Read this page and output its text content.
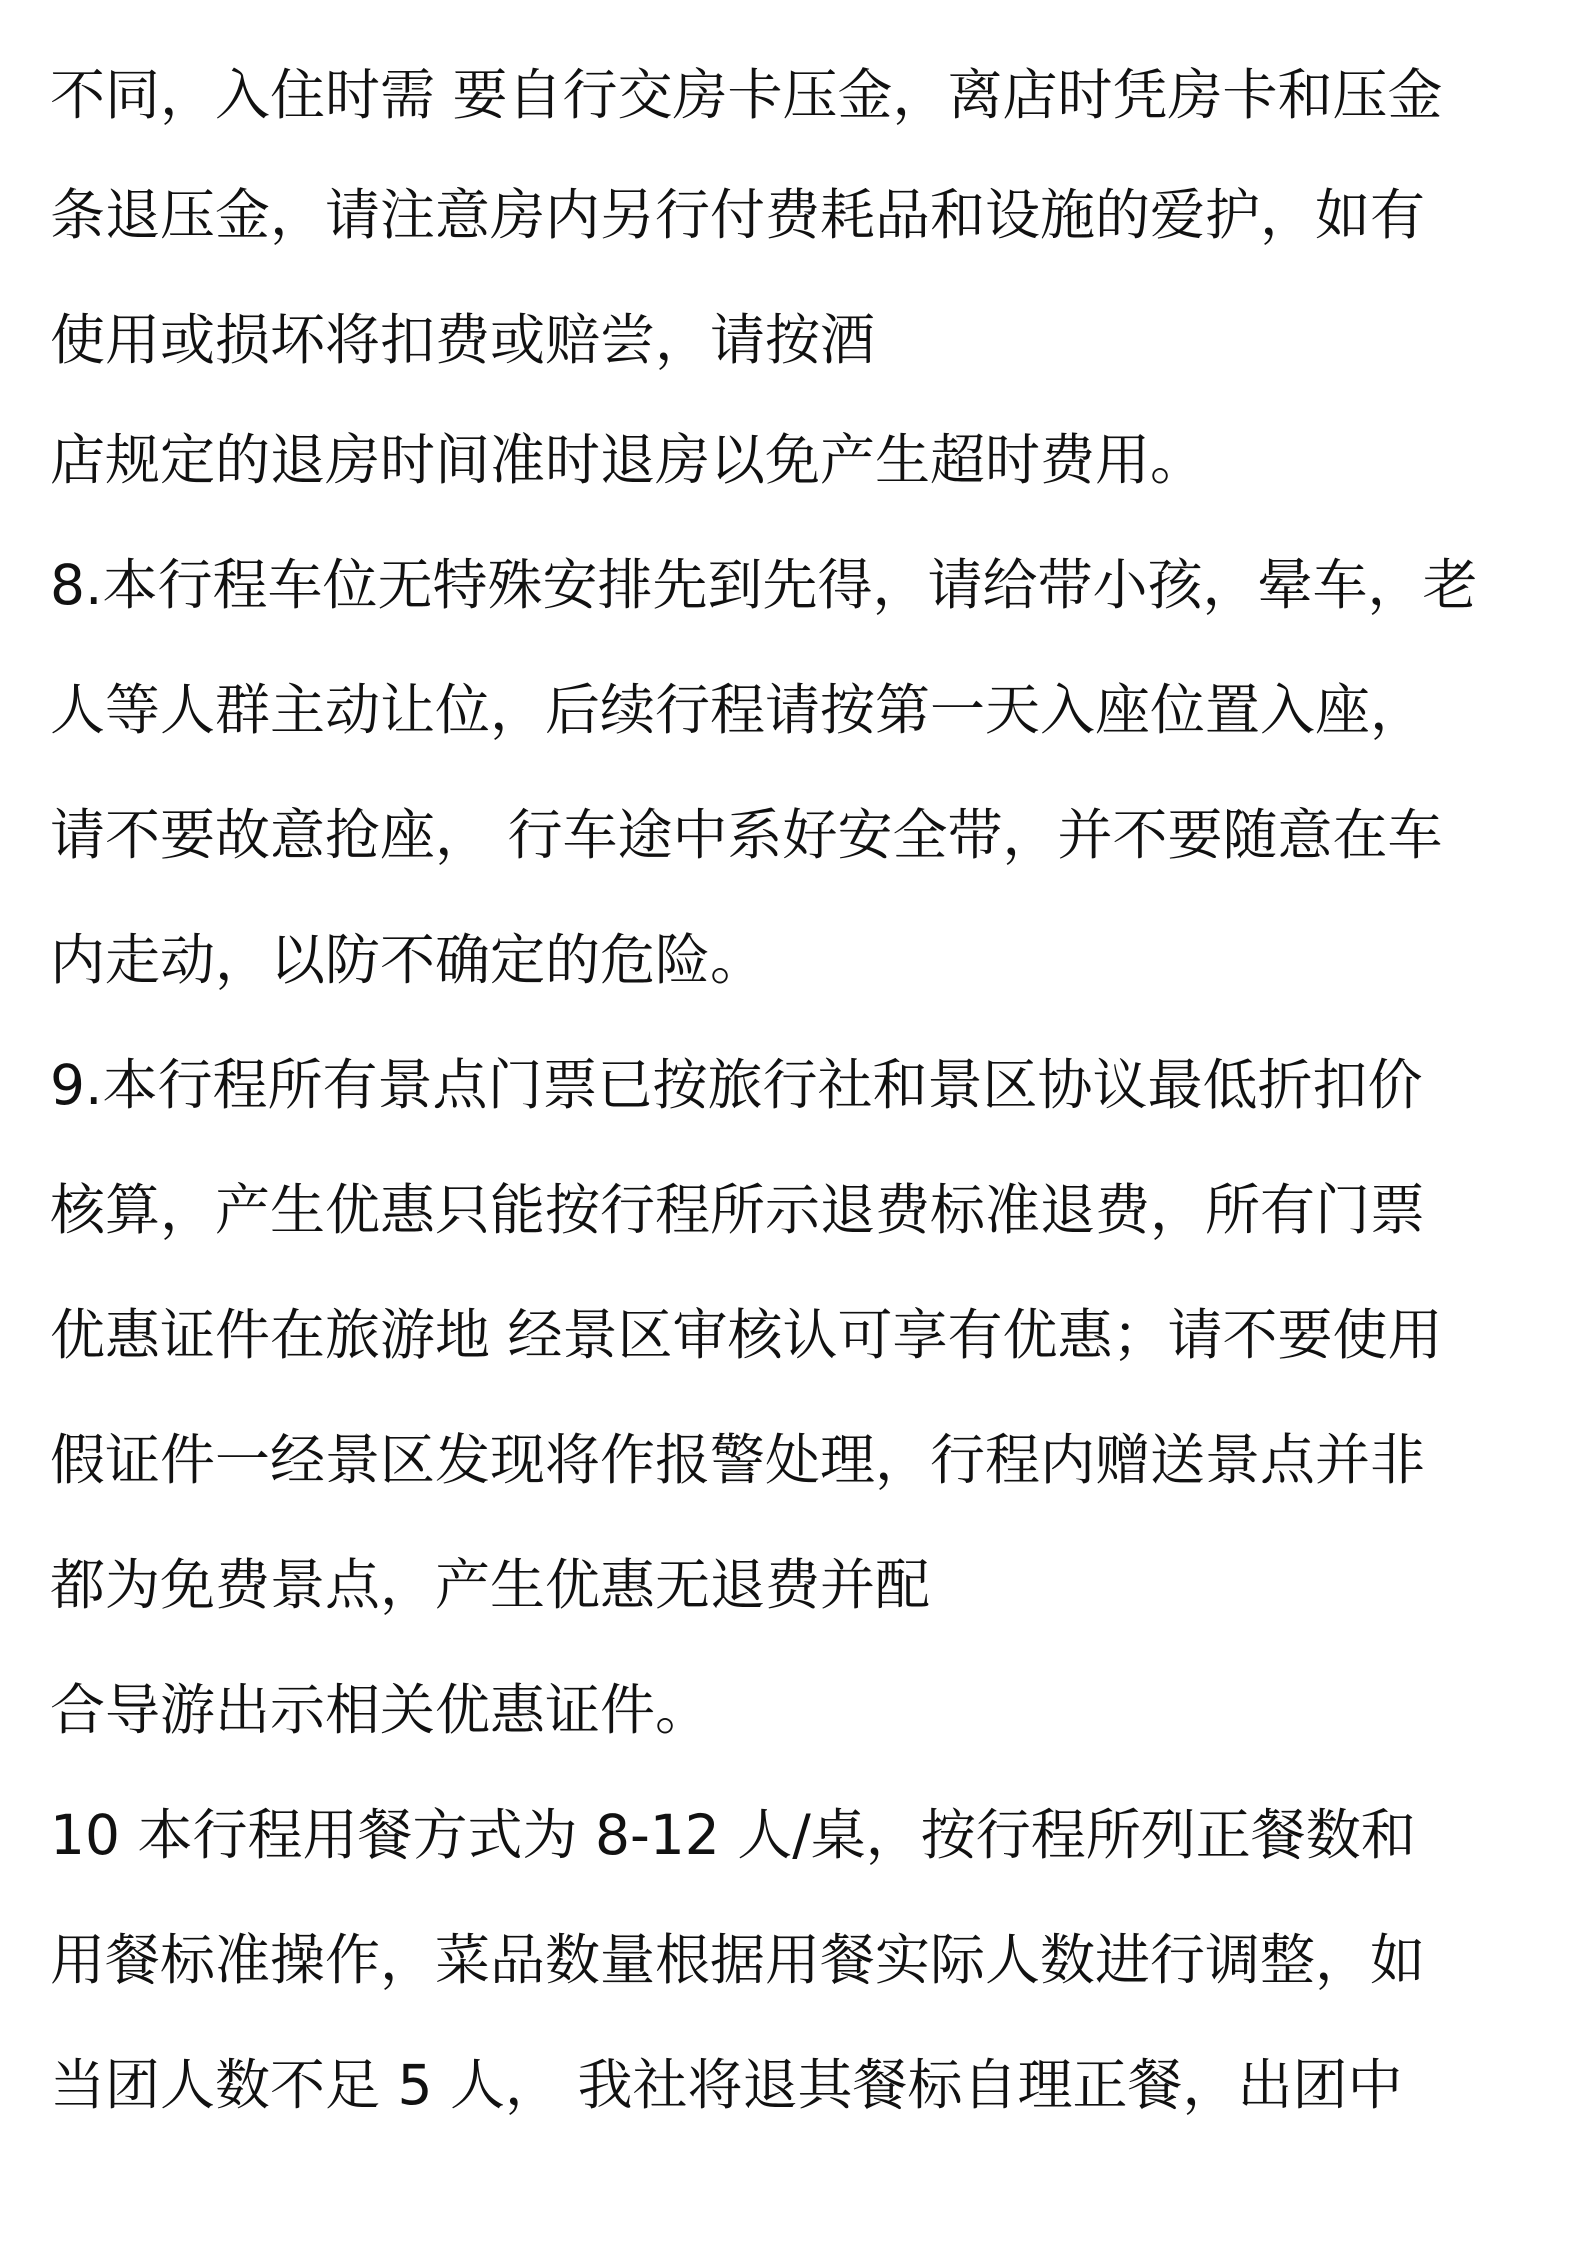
不同，入住时需 要自行交房卡压金，离店时凭房卡和压金
条退压金，请注意房内另行付费耗品和设施的爱护，如有
使用或损坏将扣费或赔尝，请按酒
店规定的退房时间准时退房以免产生超时费用。
8.本行程车位无特殊安排先到先得，请给带小孩，晕车，老
人等人群主动让位，后续行程请按第一天入座位置入座，
请不要故意抢座， 行车途中系好安全带，并不要随意在车
内走动，以防不确定的危险。
9.本行程所有景点门票已按旅行社和景区协议最低折扣价
核算，产生优惠只能按行程所示退费标准退费，所有门票
优惠证件在旅游地 经景区审核认可享有优惠；请不要使用
假证件一经景区发现将作报警处理，行程内赠送景点并非
都为免费景点，产生优惠无退费并配
合导游出示相关优惠证件。
10 本行程用餐方式为 8-12 人/桌，按行程所列正餐数和
用餐标准操作，菜品数量根据用餐实际人数进行调整，如
当团人数不足 5 人， 我社将退其餐标自理正餐，出团中
